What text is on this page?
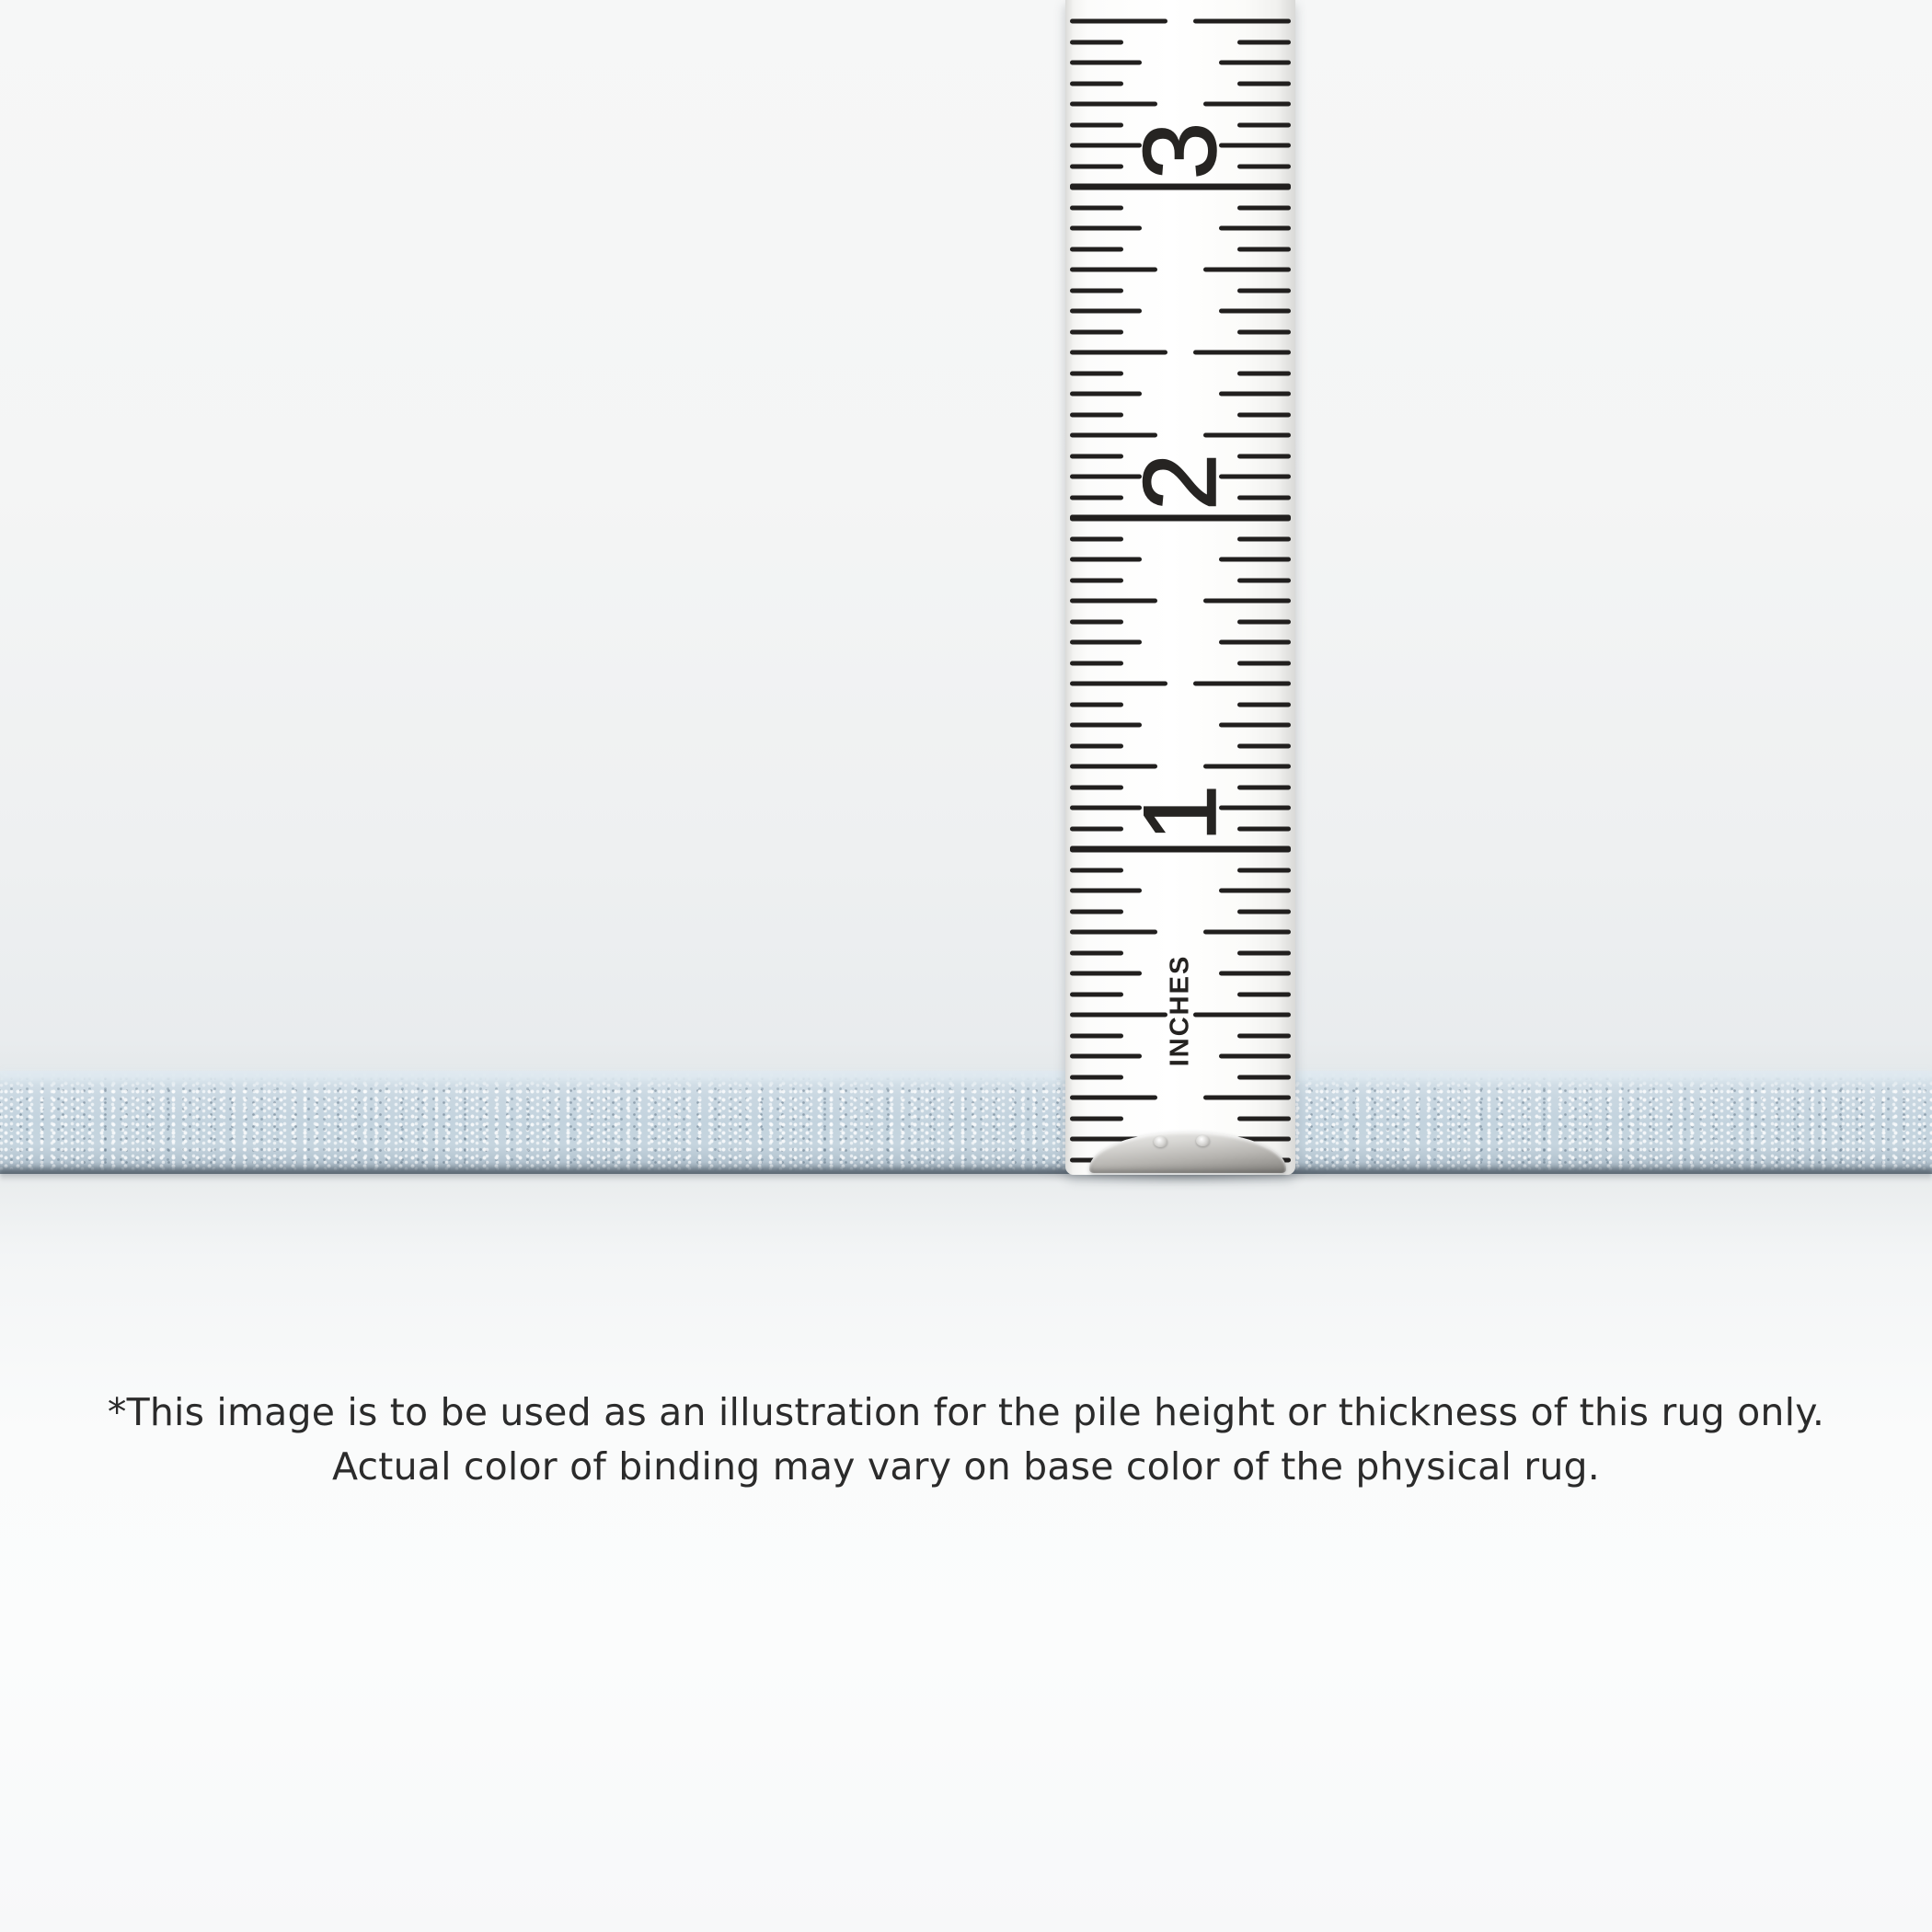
INCHES
1
2
3
*This image is to be used as an illustration for the pile height or thickness of this rug only.
Actual color of binding may vary on base color of the physical rug.
